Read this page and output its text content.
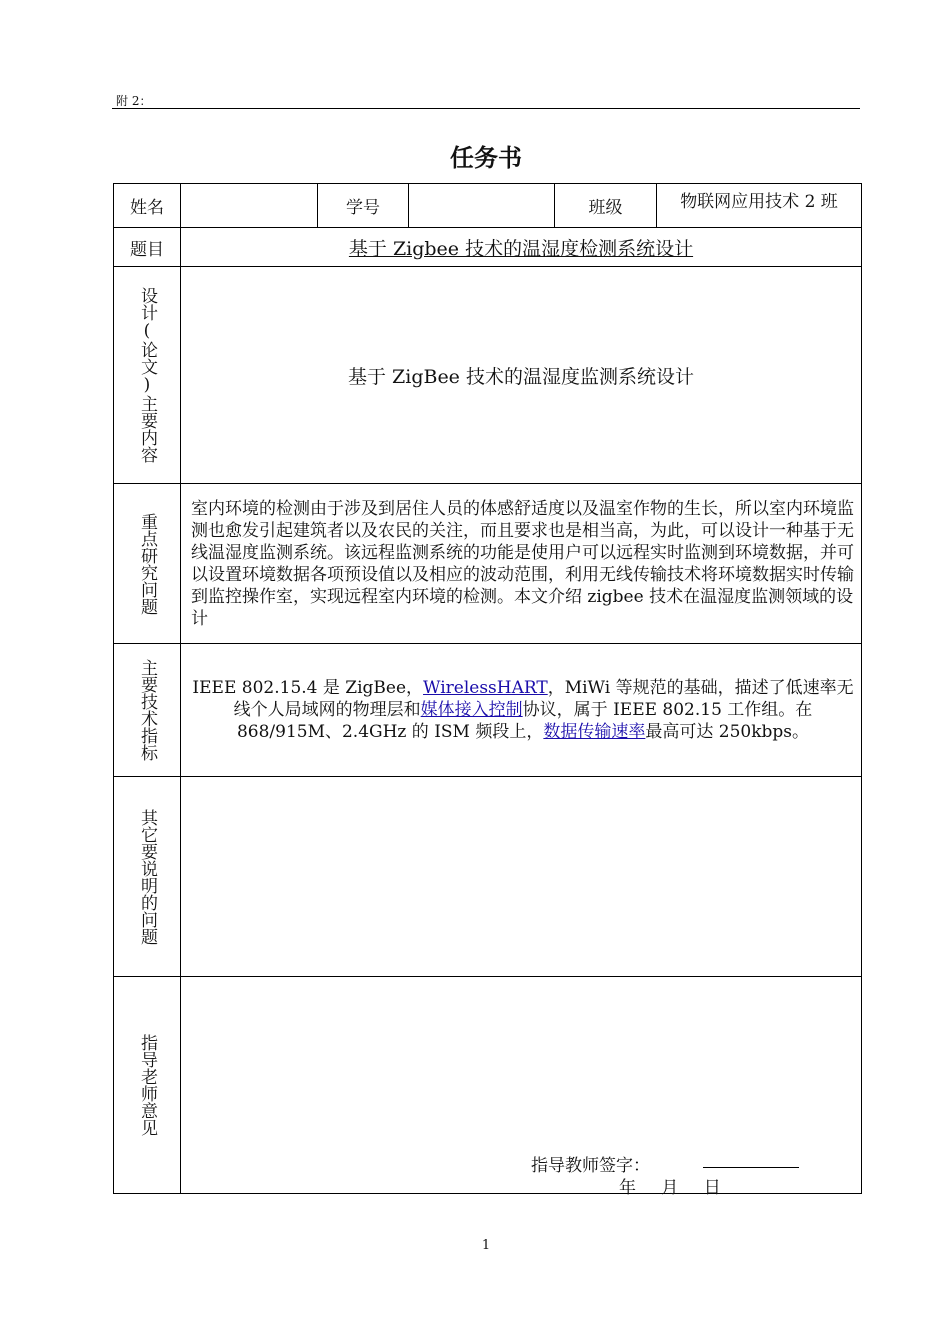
附 2：
任务书
姓名		学号		班级	物联网应用技术 2 班
题目	基于 Zigbee 技术的温湿度检测系统设计				

设计(论文)主要内容	基于 ZigBee 技术的温湿度监测系统设计				

重点研究问题	室内环境的检测由于涉及到居住人员的体感舒适度以及温室作物的生长，所以室内环境监测也愈发引起建筑者以及农民的关注，而且要求也是相当高，为此，可以设计一种基于无线温湿度监测系统。该远程监测系统的功能是使用户可以远程实时监测到环境数据，并可以设置环境数据各项预设值以及相应的波动范围，利用无线传输技术将环境数据实时传输到监控操作室，实现远程室内环境的检测。本文介绍 zigbee 技术在温湿度监测领域的设计				

主要技术指标	IEEE 802.15.4 是 ZigBee，WirelessHART，MiWi 等规范的基础，描述了低速率无线个人局域网的物理层和媒体接入控制协议，属于 IEEE 802.15 工作组。在 868/915M、2.4GHz 的 ISM 频段上，数据传输速率最高可达 250kbps。				

其它要说明的问题					

指导老师意见	指导教师签字：
年 月 日				
1
